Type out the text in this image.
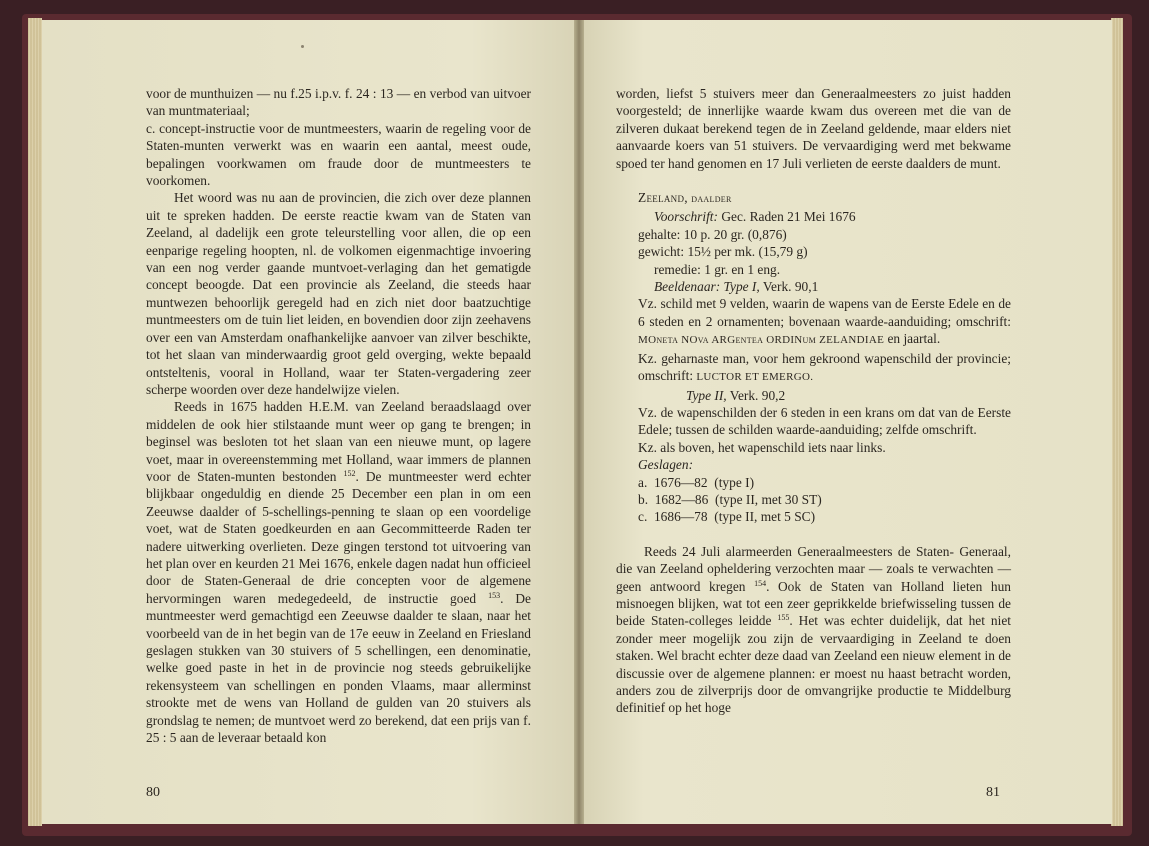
voor de munthuizen — nu f.25 i.p.v. f. 24 : 13 — en verbod van uitvoer van muntmateriaal;

c. concept-instructie voor de muntmeesters, waarin de regeling voor de Staten-munten verwerkt was en waarin een aantal, meest oude, bepalingen voorkwamen om fraude door de muntmeesters te voorkomen.

Het woord was nu aan de provincien, die zich over deze plannen uit te spreken hadden. De eerste reactie kwam van de Staten van Zeeland, al dadelijk een grote teleurstelling voor allen, die op een eenparige regeling hoopten, nl. de volkomen eigenmachtige invoering van een nog verder gaande muntvoet-verlaging dan het gematigde concept beoogde. Dat een provincie als Zeeland, die steeds haar muntwezen behoorlijk geregeld had en zich niet door baatzuchtige muntmeesters om de tuin liet leiden, en bovendien door zijn zeehavens over een van Amsterdam onafhankelijke aanvoer van zilver beschikte, tot het slaan van minderwaardig groot geld overging, wekte bepaald ontsteltenis, vooral in Holland, waar ter Staten-vergadering zeer scherpe woorden over deze handelwijze vielen.

Reeds in 1675 hadden H.E.M. van Zeeland beraadslaagd over middelen de ook hier stilstaande munt weer op gang te brengen; in beginsel was besloten tot het slaan van een nieuwe munt, op lagere voet, maar in overeenstemming met Holland, waar immers de plannen voor de Staten-munten bestonden $^{152}$. De muntmeester werd echter blijkbaar ongeduldig en diende 25 December een plan in om een Zeeuwse daalder of 5-schellings-penning te slaan op een voordelige voet, wat de Staten goedkeurden en aan Gecommitteerde Raden ter nadere uitwerking overlieten. Deze gingen terstond tot uitvoering van het plan over en keurden 21 Mei 1676, enkele dagen nadat hun officieel door de Staten-Generaal de drie concepten voor de algemene hervormingen waren medegedeeld, de instructie goed $^{153}$. De muntmeester werd gemachtigd een Zeeuwse daalder te slaan, naar het voorbeeld van de in het begin van de 17e eeuw in Zeeland en Friesland geslagen stukken van 30 stuivers of 5 schellingen, een denominatie, welke goed paste in het in de provincie nog steeds gebruikelijke rekensysteem van schellingen en ponden Vlaams, maar allerminst strookte met de wens van Holland de gulden van 20 stuivers als grondslag te nemen; de muntvoet werd zo berekend, dat een prijs van f. 25 : 5 aan de leveraar betaald kon

80

worden, liefst 5 stuivers meer dan Generaalmeesters zo juist hadden voorgesteld; de innerlijke waarde kwam dus overeen met die van de zilveren dukaat berekend tegen de in Zeeland geldende, maar elders niet aanvaarde koers van 51 stuivers. De vervaardiging werd met bekwame spoed ter hand genomen en 17 Juli verlieten de eerste daalders de munt.

Zeeland, daalder

Voorschrift: Gec. Raden 21 Mei 1676

gehalte: 10 p. 20 gr. (0,876)

gewicht: 15½ per mk. (15,79 g)

remedie: 1 gr. en 1 eng.

Beeldenaar: Type I, Verk. 90,1

Vz. schild met 9 velden, waarin de wapens van de Eerste Edele en de 6 steden en 2 ornamenten; bovenaan waarde-aanduiding; omschrift: MOneta NOva ARGentea ORDINum ZELANDIAE en jaartal.

Kz. geharnaste man, voor hem gekroond wapenschild der provincie; omschrift: LUCTOR ET EMERGO.

Type II, Verk. 90,2

Vz. de wapenschilden der 6 steden in een krans om dat van de Eerste Edele; tussen de schilden waarde-aanduiding; zelfde omschrift.

Kz. als boven, het wapenschild iets naar links.

Geslagen:

a.  1676—82  (type I)

b.  1682—86  (type II, met 30 ST)

c.  1686—78  (type II, met 5 SC)

Reeds 24 Juli alarmeerden Generaalmeesters de Staten- Generaal, die van Zeeland opheldering verzochten maar — zoals te verwachten — geen antwoord kregen $^{154}$. Ook de Staten van Holland lieten hun misnoegen blijken, wat tot een zeer geprikkelde briefwisseling tussen de beide Staten-colleges leidde $^{155}$. Het was echter duidelijk, dat het niet zonder meer mogelijk zou zijn de vervaardiging in Zeeland te doen staken. Wel bracht echter deze daad van Zeeland een nieuw element in de discussie over de algemene plannen: er moest nu haast betracht worden, anders zou de zilverprijs door de omvangrijke productie te Middelburg definitief op het hoge

81
